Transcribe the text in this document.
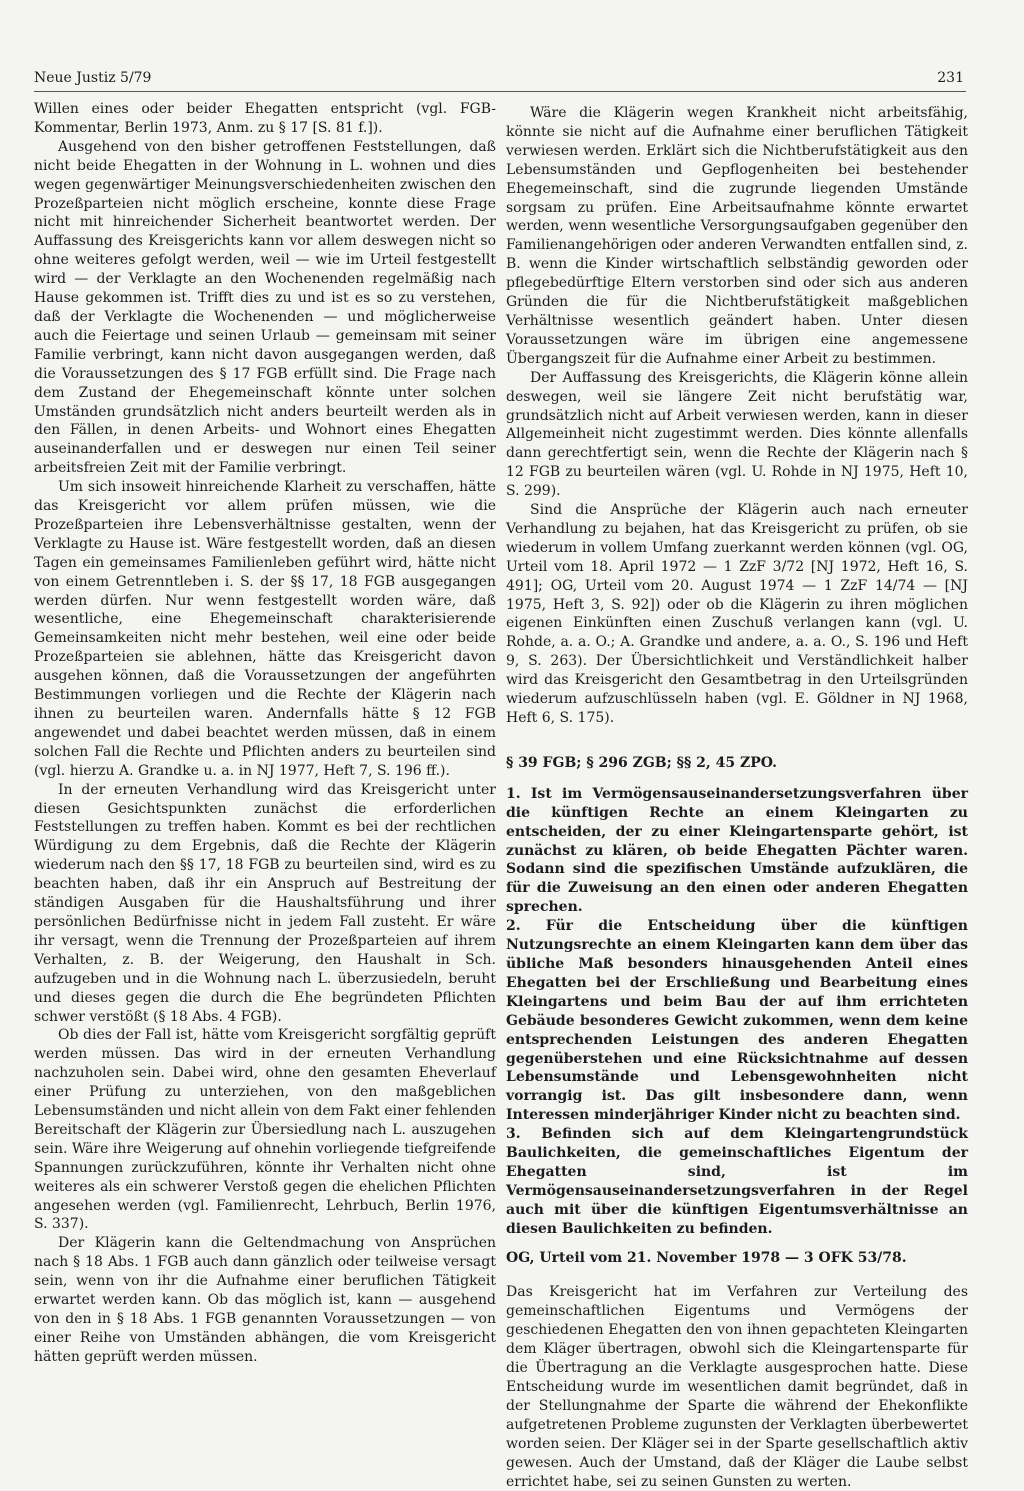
Neue Justiz 5/79	231

Willen eines oder beider Ehegatten entspricht (vgl. FGB-Kommentar, Berlin 1973, Anm. zu § 17 [S. 81 f.]).

Ausgehend von den bisher getroffenen Feststellungen, daß nicht beide Ehegatten in der Wohnung in L. wohnen und dies wegen gegenwärtiger Meinungsverschiedenheiten zwischen den Prozeßparteien nicht möglich erscheine, konnte diese Frage nicht mit hinreichender Sicherheit beantwortet werden. Der Auffassung des Kreisgerichts kann vor allem deswegen nicht so ohne weiteres gefolgt werden, weil — wie im Urteil festgestellt wird — der Verklagte an den Wochenenden regelmäßig nach Hause gekommen ist. Trifft dies zu und ist es so zu verstehen, daß der Verklagte die Wochenenden — und möglicherweise auch die Feiertage und seinen Urlaub — gemeinsam mit seiner Familie verbringt, kann nicht davon ausgegangen werden, daß die Voraussetzungen des § 17 FGB erfüllt sind. Die Frage nach dem Zustand der Ehegemeinschaft könnte unter solchen Umständen grundsätzlich nicht anders beurteilt werden als in den Fällen, in denen Arbeits- und Wohnort eines Ehegatten auseinanderfallen und er deswegen nur einen Teil seiner arbeitsfreien Zeit mit der Familie verbringt.

Um sich insoweit hinreichende Klarheit zu verschaffen, hätte das Kreisgericht vor allem prüfen müssen, wie die Prozeßparteien ihre Lebensverhältnisse gestalten, wenn der Verklagte zu Hause ist. Wäre festgestellt worden, daß an diesen Tagen ein gemeinsames Familienleben geführt wird, hätte nicht von einem Getrenntleben i. S. der §§ 17, 18 FGB ausgegangen werden dürfen. Nur wenn festgestellt worden wäre, daß wesentliche, eine Ehegemeinschaft charakterisierende Gemeinsamkeiten nicht mehr bestehen, weil eine oder beide Prozeßparteien sie ablehnen, hätte das Kreisgericht davon ausgehen können, daß die Voraussetzungen der angeführten Bestimmungen vorliegen und die Rechte der Klägerin nach ihnen zu beurteilen waren. Andernfalls hätte § 12 FGB angewendet und dabei beachtet werden müssen, daß in einem solchen Fall die Rechte und Pflichten anders zu beurteilen sind (vgl. hierzu A. Grandke u. a. in NJ 1977, Heft 7, S. 196 ff.).

In der erneuten Verhandlung wird das Kreisgericht unter diesen Gesichtspunkten zunächst die erforderlichen Feststellungen zu treffen haben. Kommt es bei der rechtlichen Würdigung zu dem Ergebnis, daß die Rechte der Klägerin wiederum nach den §§ 17, 18 FGB zu beurteilen sind, wird es zu beachten haben, daß ihr ein Anspruch auf Bestreitung der ständigen Ausgaben für die Haushaltsführung und ihrer persönlichen Bedürfnisse nicht in jedem Fall zusteht. Er wäre ihr versagt, wenn die Trennung der Prozeßparteien auf ihrem Verhalten, z. B. der Weigerung, den Haushalt in Sch. aufzugeben und in die Wohnung nach L. überzusiedeln, beruht und dieses gegen die durch die Ehe begründeten Pflichten schwer verstößt (§ 18 Abs. 4 FGB).

Ob dies der Fall ist, hätte vom Kreisgericht sorgfältig geprüft werden müssen. Das wird in der erneuten Verhandlung nachzuholen sein. Dabei wird, ohne den gesamten Eheverlauf einer Prüfung zu unterziehen, von den maßgeblichen Lebensumständen und nicht allein von dem Fakt einer fehlenden Bereitschaft der Klägerin zur Übersiedlung nach L. auszugehen sein. Wäre ihre Weigerung auf ohnehin vorliegende tiefgreifende Spannungen zurückzuführen, könnte ihr Verhalten nicht ohne weiteres als ein schwerer Verstoß gegen die ehelichen Pflichten angesehen werden (vgl. Familienrecht, Lehrbuch, Berlin 1976, S. 337).

Der Klägerin kann die Geltendmachung von Ansprüchen nach § 18 Abs. 1 FGB auch dann gänzlich oder teilweise versagt sein, wenn von ihr die Aufnahme einer beruflichen Tätigkeit erwartet werden kann. Ob das möglich ist, kann — ausgehend von den in § 18 Abs. 1 FGB genannten Voraussetzungen — von einer Reihe von Umständen abhängen, die vom Kreisgericht hätten geprüft werden müssen.

Wäre die Klägerin wegen Krankheit nicht arbeitsfähig, könnte sie nicht auf die Aufnahme einer beruflichen Tätigkeit verwiesen werden. Erklärt sich die Nichtberufstätigkeit aus den Lebensumständen und Gepflogenheiten bei bestehender Ehegemeinschaft, sind die zugrunde liegenden Umstände sorgsam zu prüfen. Eine Arbeitsaufnahme könnte erwartet werden, wenn wesentliche Versorgungsaufgaben gegenüber den Familienangehörigen oder anderen Verwandten entfallen sind, z. B. wenn die Kinder wirtschaftlich selbständig geworden oder pflegebedürftige Eltern verstorben sind oder sich aus anderen Gründen die für die Nichtberufstätigkeit maßgeblichen Verhältnisse wesentlich geändert haben. Unter diesen Voraussetzungen wäre im übrigen eine angemessene Übergangszeit für die Aufnahme einer Arbeit zu bestimmen.

Der Auffassung des Kreisgerichts, die Klägerin könne allein deswegen, weil sie längere Zeit nicht berufstätig war, grundsätzlich nicht auf Arbeit verwiesen werden, kann in dieser Allgemeinheit nicht zugestimmt werden. Dies könnte allenfalls dann gerechtfertigt sein, wenn die Rechte der Klägerin nach § 12 FGB zu beurteilen wären (vgl. U. Rohde in NJ 1975, Heft 10, S. 299).

Sind die Ansprüche der Klägerin auch nach erneuter Verhandlung zu bejahen, hat das Kreisgericht zu prüfen, ob sie wiederum in vollem Umfang zuerkannt werden können (vgl. OG, Urteil vom 18. April 1972 — 1 ZzF 3/72 [NJ 1972, Heft 16, S. 491]; OG, Urteil vom 20. August 1974 — 1 ZzF 14/74 — [NJ 1975, Heft 3, S. 92]) oder ob die Klägerin zu ihren möglichen eigenen Einkünften einen Zuschuß verlangen kann (vgl. U. Rohde, a. a. O.; A. Grandke und andere, a. a. O., S. 196 und Heft 9, S. 263). Der Übersichtlichkeit und Verständlichkeit halber wird das Kreisgericht den Gesamtbetrag in den Urteilsgründen wiederum aufzuschlüsseln haben (vgl. E. Göldner in NJ 1968, Heft 6, S. 175).

§ 39 FGB; § 296 ZGB; §§ 2, 45 ZPO.

1. Ist im Vermögensauseinandersetzungsverfahren über die künftigen Rechte an einem Kleingarten zu entscheiden, der zu einer Kleingartensparte gehört, ist zunächst zu klären, ob beide Ehegatten Pächter waren. Sodann sind die spezifischen Umstände aufzuklären, die für die Zuweisung an den einen oder anderen Ehegatten sprechen.

2. Für die Entscheidung über die künftigen Nutzungsrechte an einem Kleingarten kann dem über das übliche Maß besonders hinausgehenden Anteil eines Ehegatten bei der Erschließung und Bearbeitung eines Kleingartens und beim Bau der auf ihm errichteten Gebäude besonderes Gewicht zukommen, wenn dem keine entsprechenden Leistungen des anderen Ehegatten gegenüberstehen und eine Rücksichtnahme auf dessen Lebensumstände und Lebensgewohnheiten nicht vorrangig ist. Das gilt insbesondere dann, wenn Interessen minderjähriger Kinder nicht zu beachten sind.

3. Befinden sich auf dem Kleingartengrundstück Baulichkeiten, die gemeinschaftliches Eigentum der Ehegatten sind, ist im Vermögensauseinandersetzungsverfahren in der Regel auch mit über die künftigen Eigentumsverhältnisse an diesen Baulichkeiten zu befinden.

OG, Urteil vom 21. November 1978 — 3 OFK 53/78.

Das Kreisgericht hat im Verfahren zur Verteilung des gemeinschaftlichen Eigentums und Vermögens der geschiedenen Ehegatten den von ihnen gepachteten Kleingarten dem Kläger übertragen, obwohl sich die Kleingartensparte für die Übertragung an die Verklagte ausgesprochen hatte. Diese Entscheidung wurde im wesentlichen damit begründet, daß in der Stellungnahme der Sparte die während der Ehekonflikte aufgetretenen Probleme zugunsten der Verklagten überbewertet worden seien. Der Kläger sei in der Sparte gesellschaftlich aktiv gewesen. Auch der Umstand, daß der Kläger die Laube selbst errichtet habe, sei zu seinen Gunsten zu werten.
